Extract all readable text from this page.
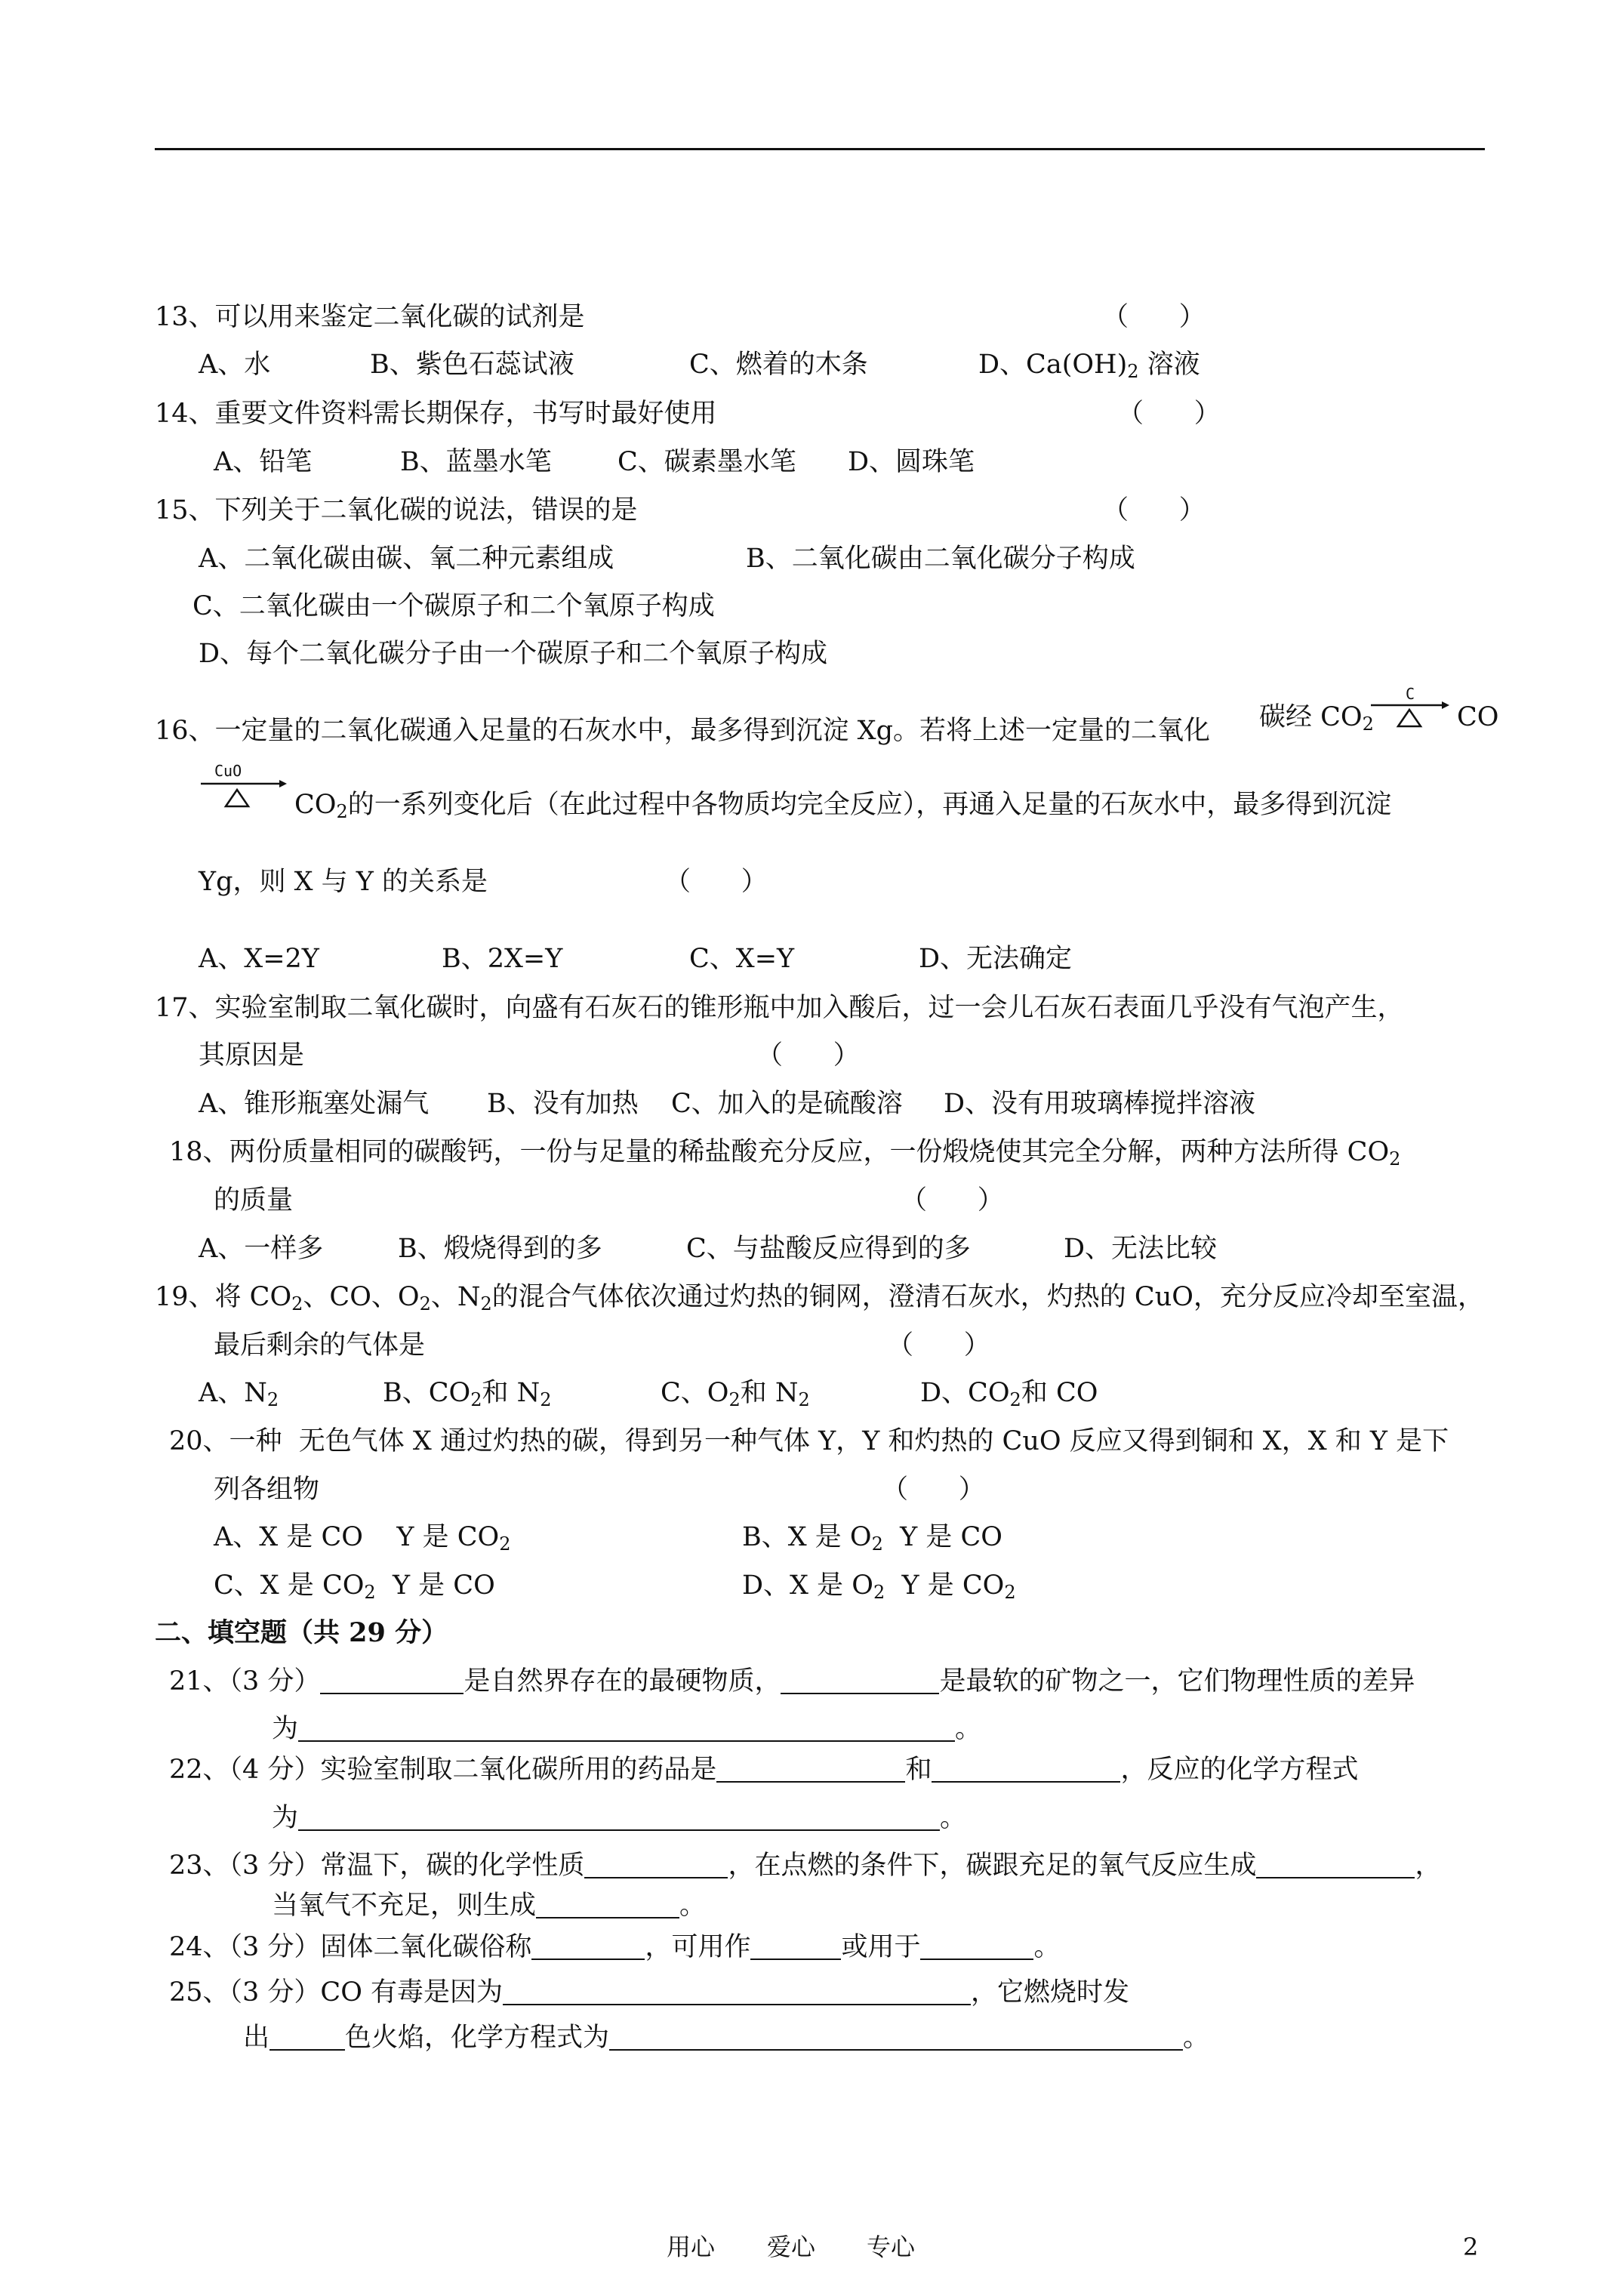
13、可以用来鉴定二氧化碳的试剂是	（      ）
A、水	B、紫色石蕊试液	C、燃着的木条	D、$Ca(OH)_2$ 溶液
14、重要文件资料需长期保存，书写时最好使用	（      ）
A、铅笔	B、蓝墨水笔 C、碳素墨水笔 D、圆珠笔
15、下列关于二氧化碳的说法，错误的是	（      ）
A、二氧化碳由碳、氧二种元素组成	B、二氧化碳由二氧化碳分子构成
C、二氧化碳由一个碳原子和二个氧原子构成
D、每个二氧化碳分子由一个碳原子和二个氧原子构成
16、一定量的二氧化碳通入足量的石灰水中，最多得到沉淀 Xg。若将上述一定量的二氧化 碳经 $CO_2$
C
CO
CuO
$CO_2$的一系列变化后（在此过程中各物质均完全反应），再通入足量的石灰水中，最多得到沉淀
Yg，则 X 与 Y 的关系是	（      ）
A、X=2Y	B、2X=Y	C、X=Y	D、无法确定
17、实验室制取二氧化碳时，向盛有石灰石的锥形瓶中加入酸后，过一会儿石灰石表面几乎没有气泡产生，
其原因是	（      ）
A、锥形瓶塞处漏气 B、没有加热 C、加入的是硫酸溶 D、没有用玻璃棒搅拌溶液
18、两份质量相同的碳酸钙，一份与足量的稀盐酸充分反应，一份煅烧使其完全分解，两种方法所得 $CO_2$
的质量	（      ）
A、一样多	B、煅烧得到的多	C、与盐酸反应得到的多	D、无法比较
19、将 $CO_2$、CO、$O_2$、$N_2$的混合气体依次通过灼热的铜网，澄清石灰水，灼热的 CuO，充分反应冷却至室温，
最后剩余的气体是	（      ）
A、$N_2$	B、$CO_2$和 $N_2$	C、$O_2$和 $N_2$	D、$CO_2$和 CO
20、一种  无色气体 X 通过灼热的碳，得到另一种气体 Y，Y 和灼热的 CuO 反应又得到铜和 X，X 和 Y 是下
列各组物	（      ）
A、X 是 CO    Y 是 $CO_2$	B、X 是 $O_2$  Y 是 CO
C、X 是 $CO_2$  Y 是 CO	D、X 是 $O_2$  Y 是 $CO_2$
二、填空题（共 29 分）
21、（3 分）	是自然界存在的最硬物质，	是最软的矿物之一，它们物理性质的差异
为	。
22、（4 分）实验室制取二氧化碳所用的药品是	和	，反应的化学方程式
为	。
23、（3 分）常温下，碳的化学性质	，在点燃的条件下，碳跟充足的氧气反应生成	，
当氧气不充足，则生成	。
24、（3 分）固体二氧化碳俗称	，可用作	或用于	。
25、（3 分）CO 有毒是因为	，它燃烧时发
出	色火焰，化学方程式为	。
用心 爱心 专心	2
